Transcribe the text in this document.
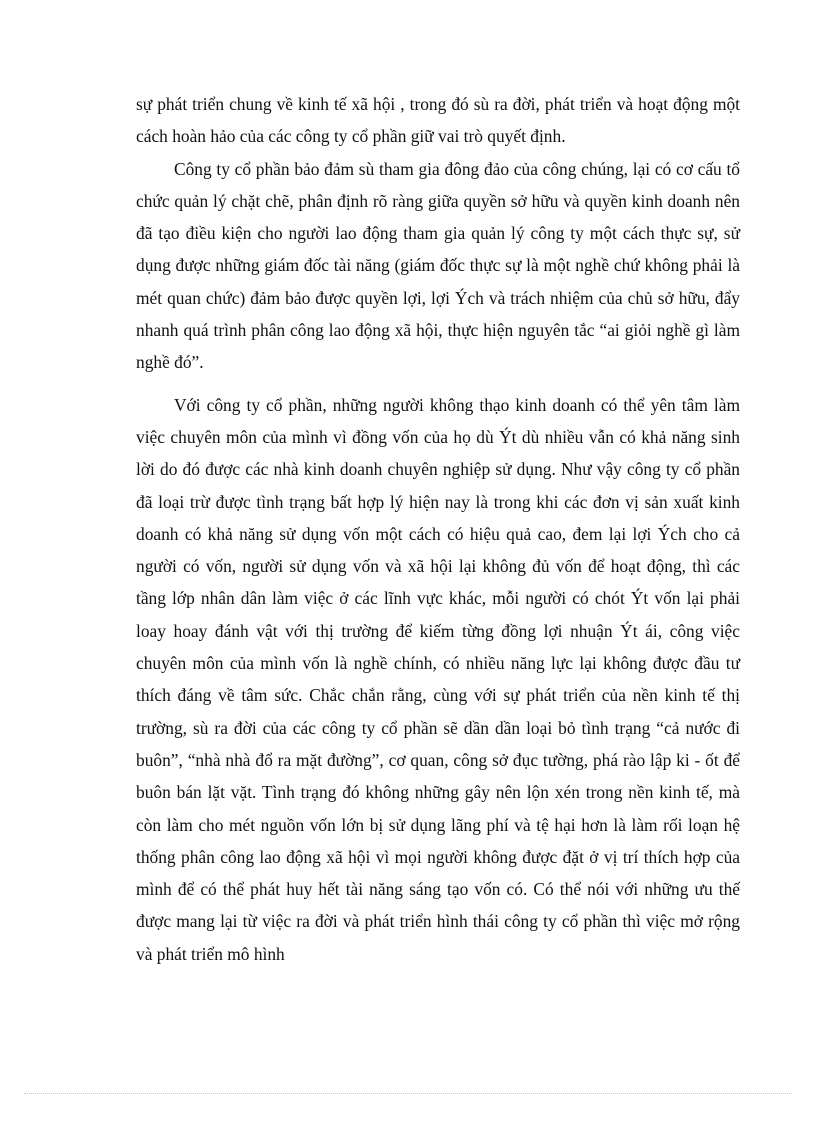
sự phát triển chung về kinh tế xã hội , trong đó sù ra đời, phát triển và hoạt động một cách hoàn hảo của các công ty cổ phần giữ vai trò quyết định.

Công ty cổ phần bảo đảm sù tham gia đông đảo của công chúng, lại có cơ cấu tổ chức quản lý chặt chẽ, phân định rõ ràng giữa quyền sở hữu và quyền kinh doanh nên đã tạo điều kiện cho người lao động tham gia quản lý công ty một cách thực sự, sử dụng được những giám đốc tài năng (giám đốc thực sự là một nghề chứ không phải là mét quan chức) đảm bảo được quyền lợi, lợi Ých và trách nhiệm của chủ sở hữu, đẩy nhanh quá trình phân công lao động xã hội, thực hiện nguyên tắc “ai giỏi nghề gì làm nghề đó”.

Với công ty cổ phần, những người không thạo kinh doanh có thể yên tâm làm việc chuyên môn của mình vì đồng vốn của họ dù Ýt dù nhiều vẫn có khả năng sinh lời do đó được các nhà kinh doanh chuyên nghiệp sử dụng. Như vậy công ty cổ phần đã loại trừ được tình trạng bất hợp lý hiện nay là trong khi các đơn vị sản xuất kinh doanh có khả năng sử dụng vốn một cách có hiệu quả cao, đem lại lợi Ých cho cả người có vốn, người sử dụng vốn và xã hội lại không đủ vốn để hoạt động, thì các tầng lớp nhân dân làm việc ở các lĩnh vực khác, mỗi người có chót Ýt vốn lại phải loay hoay đánh vật với thị trường để kiếm từng đồng lợi nhuận Ýt ái, công việc chuyên môn của mình vốn là nghề chính, có nhiều năng lực lại không được đầu tư thích đáng về tâm sức. Chắc chắn rằng, cùng với sự phát triển của nền kinh tế thị trường, sù ra đời của các công ty cổ phần sẽ dần dần loại bỏ tình trạng “cả nước đi buôn”, “nhà nhà đổ ra mặt đường”, cơ quan, công sở đục tường, phá rào lập ki - ốt để buôn bán lặt vặt. Tình trạng đó không những gây nên lộn xén trong nền kinh tế, mà còn làm cho mét nguồn vốn lớn bị sử dụng lãng phí và tệ hại hơn là làm rối loạn hệ thống phân công lao động xã hội vì mọi người không được đặt ở vị trí thích hợp của mình để có thể phát huy hết tài năng sáng tạo vốn có. Có thể nói với những ưu thế được mang lại từ việc ra đời và phát triển hình thái công ty cổ phần thì việc mở rộng và phát triển mô hình
